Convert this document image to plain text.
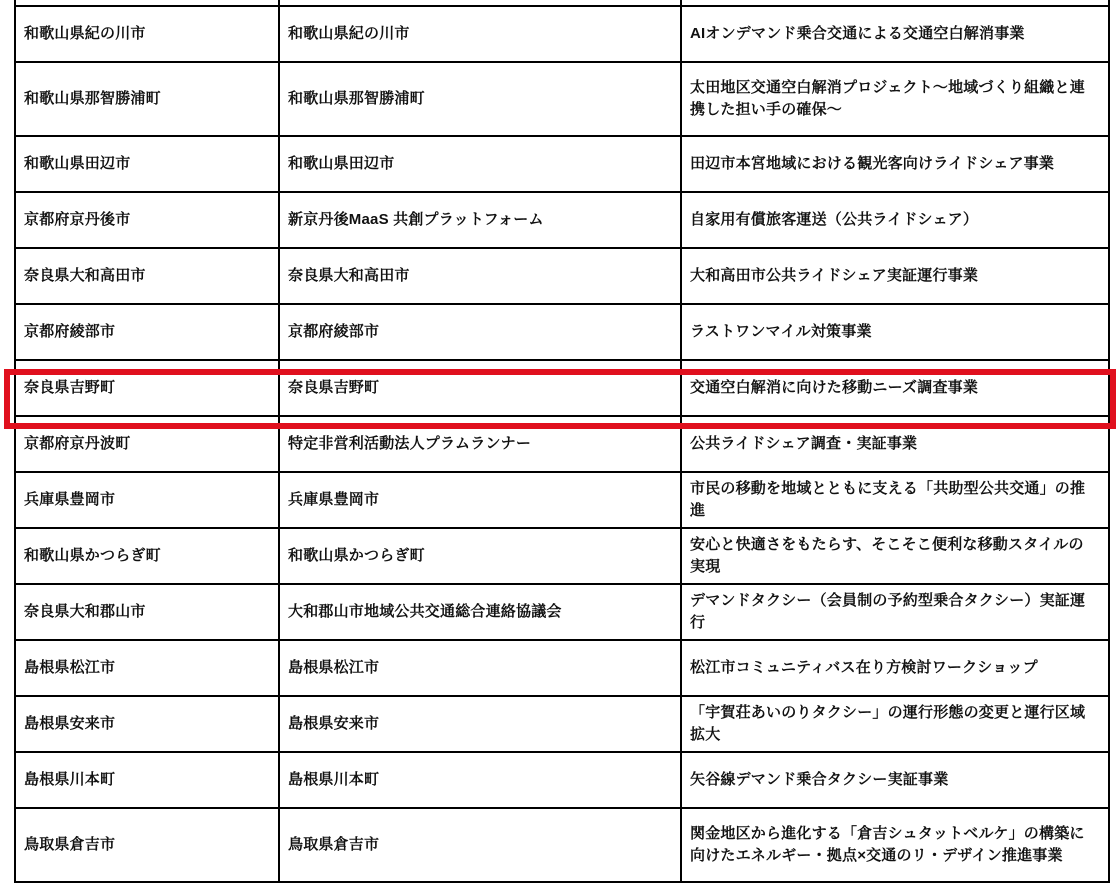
和歌山県紀の川市	和歌山県紀の川市	AIオンデマンド乗合交通による交通空白解消事業
和歌山県那智勝浦町	和歌山県那智勝浦町	太田地区交通空白解消プロジェクト～地域づくり組織と連携した担い手の確保～
和歌山県田辺市	和歌山県田辺市	田辺市本宮地域における観光客向けライドシェア事業
京都府京丹後市	新京丹後MaaS 共創プラットフォーム	自家用有償旅客運送（公共ライドシェア）
奈良県大和高田市	奈良県大和高田市	大和高田市公共ライドシェア実証運行事業
京都府綾部市	京都府綾部市	ラストワンマイル対策事業
奈良県吉野町	奈良県吉野町	交通空白解消に向けた移動ニーズ調査事業
京都府京丹波町	特定非営利活動法人プラムランナー	公共ライドシェア調査・実証事業
兵庫県豊岡市	兵庫県豊岡市	市民の移動を地域とともに支える「共助型公共交通」の推進
和歌山県かつらぎ町	和歌山県かつらぎ町	安心と快適さをもたらす、そこそこ便利な移動スタイルの実現
奈良県大和郡山市	大和郡山市地域公共交通総合連絡協議会	デマンドタクシー（会員制の予約型乗合タクシー）実証運行
島根県松江市	島根県松江市	松江市コミュニティバス在り方検討ワークショップ
島根県安来市	島根県安来市	「宇賀荘あいのりタクシー」の運行形態の変更と運行区域拡大
島根県川本町	島根県川本町	矢谷線デマンド乗合タクシー実証事業
鳥取県倉吉市	鳥取県倉吉市	関金地区から進化する「倉吉シュタットベルケ」の構築に向けたエネルギー・拠点×交通のリ・デザイン推進事業
